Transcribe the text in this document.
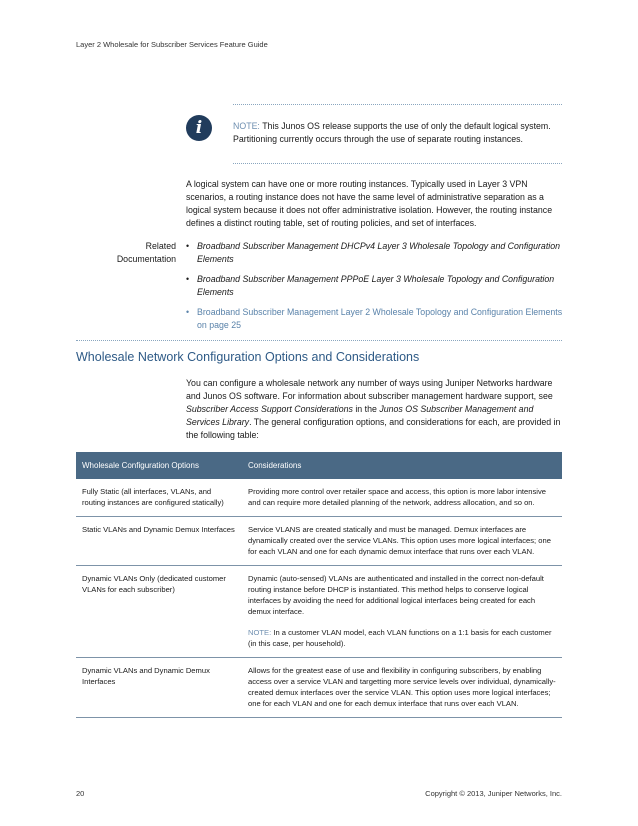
Layer 2 Wholesale for Subscriber Services Feature Guide
i	NOTE: This Junos OS release supports the use of only the default logical system. Partitioning currently occurs through the use of separate routing instances.
A logical system can have one or more routing instances. Typically used in Layer 3 VPN scenarios, a routing instance does not have the same level of administrative separation as a logical system because it does not offer administrative isolation. However, the routing instance defines a distinct routing table, set of routing policies, and set of interfaces.
Related
Documentation
• Broadband Subscriber Management DHCPv4 Layer 3 Wholesale Topology and Configuration Elements
• Broadband Subscriber Management PPPoE Layer 3 Wholesale Topology and Configuration Elements
• Broadband Subscriber Management Layer 2 Wholesale Topology and Configuration Elements on page 25
Wholesale Network Configuration Options and Considerations
You can configure a wholesale network any number of ways using Juniper Networks hardware and Junos OS software. For information about subscriber management hardware support, see Subscriber Access Support Considerations in the Junos OS Subscriber Management and Services Library. The general configuration options, and considerations for each, are provided in the following table:
Wholesale Configuration Options	Considerations
Fully Static (all interfaces, VLANs, and routing instances are configured statically)	Providing more control over retailer space and access, this option is more labor intensive and can require more detailed planning of the network, address allocation, and so on.
Static VLANs and Dynamic Demux Interfaces	Service VLANS are created statically and must be managed. Demux interfaces are dynamically created over the service VLANs. This option uses more logical interfaces; one for each VLAN and one for each dynamic demux interface that runs over each VLAN.
Dynamic VLANs Only (dedicated customer VLANs for each subscriber)	Dynamic (auto-sensed) VLANs are authenticated and installed in the correct non-default routing instance before DHCP is instantiated. This method helps to conserve logical interfaces by avoiding the need for additional logical interfaces being created for each demux interface.
NOTE: In a customer VLAN model, each VLAN functions on a 1:1 basis for each customer (in this case, per household).

Dynamic VLANs and Dynamic Demux Interfaces	Allows for the greatest ease of use and flexibility in configuring subscribers, by enabling access over a service VLAN and targetting more service levels over individual, dynamically-created demux interfaces over the service VLAN. This option uses more logical interfaces; one for each VLAN and one for each demux interface that runs over each VLAN.
20	Copyright © 2013, Juniper Networks, Inc.
